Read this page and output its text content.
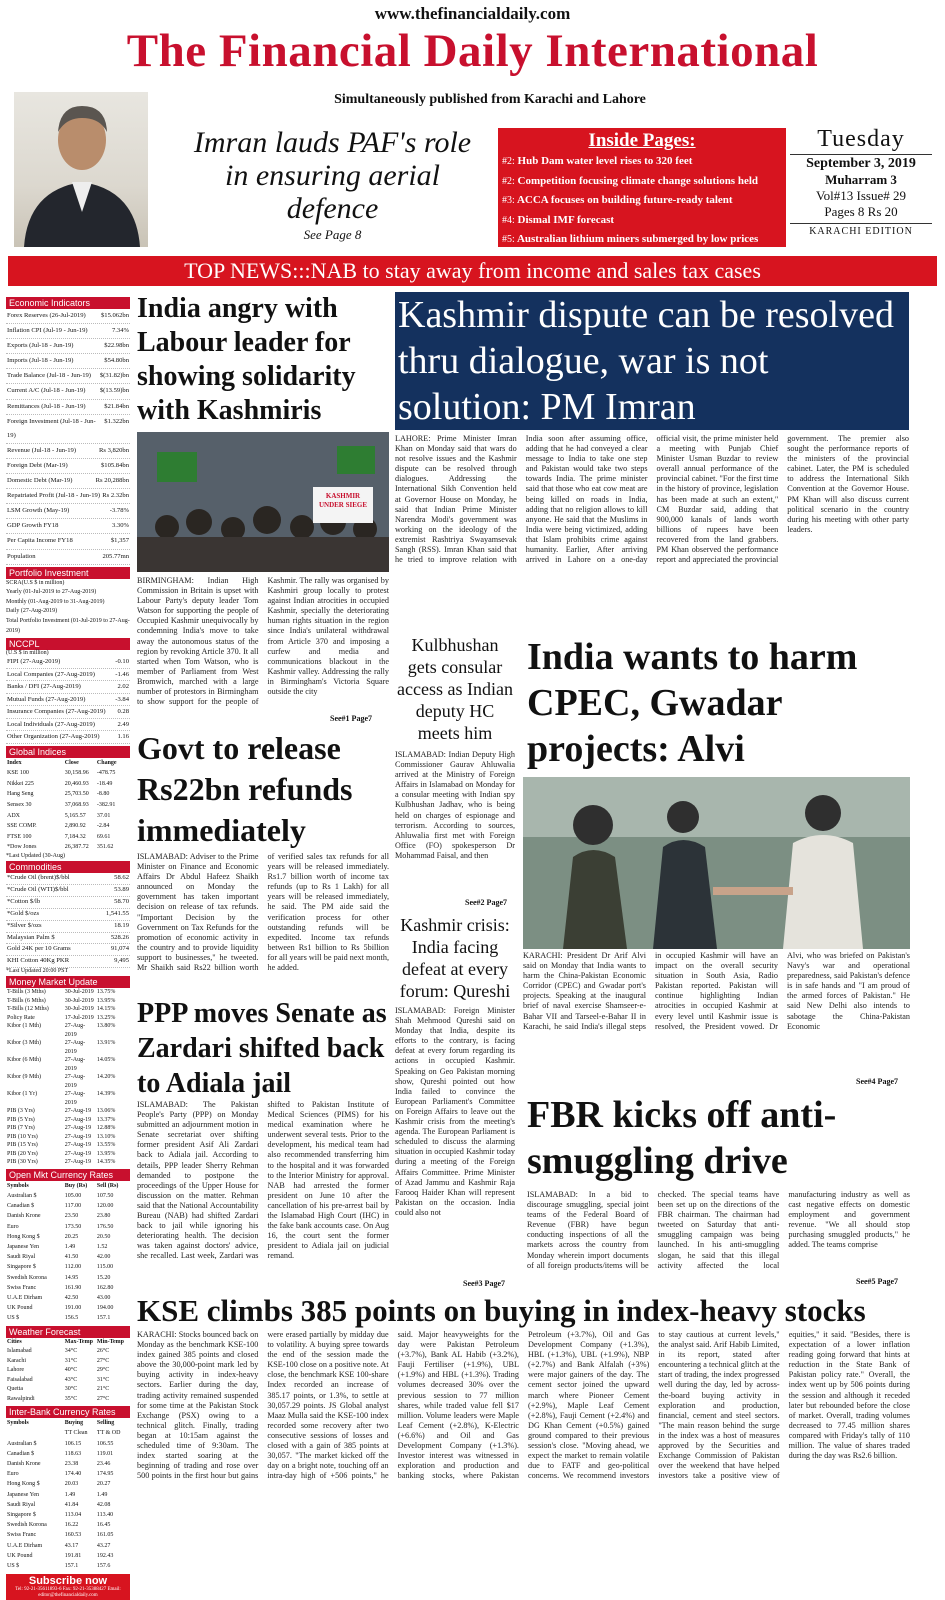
www.thefinancialdaily.com
The Financial Daily International
Simultaneously published from Karachi and Lahore
Imran lauds PAF's role in ensuring aerial defence
See Page 8
Inside Pages:
#2: Hub Dam water level rises to 320 feet
#2: Competition focusing climate change solutions held
#3: ACCA focuses on building future-ready talent
#4: Dismal IMF forecast
#5: Australian lithium miners submerged by low prices
Tuesday
September 3, 2019
Muharram 3
Vol#13 Issue# 29
Pages 8 Rs 20
KARACHI EDITION
TOP NEWS:::NAB to stay away from income and sales tax cases
Economic Indicators
Forex Reserves (26-Jul-2019) $15.062bn
Inflation CPI (Jul-19 - Jun-19)	7.34%
Exports (Jul-18 - Jun-19)	$22.98bn
Imports (Jul-18 - Jun-19)	$54.80bn
Trade Balance (Jul-18 - Jun-19) $(31.82)bn
Current A/C (Jul-18 - Jun-19) $(13.59)bn
Remittances (Jul-18 - Jun-19)	$21.84bn
Foreign Investment (Jul-18 - Jun-19)
$1.322bn
Revenue (Jul-18 - Jun-19)	Rs 3,820bn
Foreign Debt (Mar-19)	$105.84bn
Domestic Debt (Mar-19)	Rs 20,288bn
Repatriated Profit (Jul-18 - Jun-19) Rs 2.32bn
LSM Growth (May-19)	-3.78%
GDP Growth FY18	3.30%
Per Capita Income FY18	$1,357
Population	205.77mn
Portfolio Investment
SCRA(U.S $ in million)
Yearly (01-Jul-2019 to 27-Aug-2019)
Monthly (01-Aug-2019 to 31-Aug-2019)
Daily (27-Aug-2019)
Total Portfolio Investment (01-Jul-2019 to 27-Aug-2019)
NCCPL
(U.S $ in million)
FIPI (27-Aug-2019)	-0.10
Local Companies (27-Aug-2019)	-1.46
Banks / DFI (27-Aug-2019)	2.02
Mutual Funds (27-Aug-2019)	-3.84
Insurance Companies (27-Aug-2019) 0.28
Local Individuals (27-Aug-2019)	2.49
Other Organization (27-Aug-2019)	1.16
Global Indices
Index	Close	Change
KSE 100	30,158.96	-478.75
Nikkei 225	20,460.93	-18.49
Hang Seng	25,703.50	-8.80
Sensex 30	37,068.93	-382.91
ADX	5,165.57	37.01
SSE COMP.	2,890.92	-2.84
FTSE 100	7,184.32	69.61
*Dow Jones	26,387.72	351.62
*Last Updated (30-Aug)
Commodities
*Crude Oil (brent)$/bbl	58.62
*Crude Oil (WTI)$/bbl	53.89
*Cotton $/lb	58.70
*Gold $/ozs	1,541.55
*Silver $/ozs	18.19
Malaysian Palm $	528.26
Gold 24K per 10 Grams	91,074
KHI Cotton 40Kg PKR	9,495
*Last Updated 20:00 PST
Money Market Update
T-Bills (3 Mths)	30-Jul-2019 13.75%
T-Bills (6 Mths)	30-Jul-2019 13.95%
T-Bills (12 Mths)	30-Jul-2019 14.15%
Policy Rate	17-Jul-2019 13.25%
Kibor (1 Mth)	27-Aug-2019
13.80%
Kibor (3 Mth)	27-Aug-2019
13.91%
Kibor (6 Mth)	27-Aug-2019
14.05%
Kibor (9 Mth)	27-Aug-2019
14.20%
Kibor (1 Yr)	27-Aug-2019
14.39%
PIB (3 Yrs)	27-Aug-19 13.06%
PIB (5 Yrs)	27-Aug-19 13.37%
PIB (7 Yrs)	27-Aug-19 12.88%
PIB (10 Yrs)	27-Aug-19 13.10%
PIB (15 Yrs)	27-Aug-19 13.55%
PIB (20 Yrs)	27-Aug-19 13.95%
PIB (30 Yrs)	27-Aug-19 14.35%
Open Mkt Currency Rates
Symbols	Buy (Rs)	Sell (Rs)
Australian $	105.00	107.50
Canadian $	117.00	120.00
Danish Krone	23.50	23.80
Euro	173.50	176.50
Hong Kong $	20.25	20.50
Japanese Yen	1.49	1.52
Saudi Riyal	41.50	42.00
Singapore $	112.00	115.00
Swedish Korona	14.95	15.20
Swiss Franc	161.90	162.80
U.A.E Dirham	42.50	43.00
UK Pound	191.00	194.00
US $	156.5	157.1
Weather Forecast
Cities	Max-Temp Min-Temp
Islamabad	34°C	26°C
Karachi	31°C	27°C
Lahore	40°C	29°C
Faisalabad	43°C	31°C
Quetta	30°C	21°C
Rawalpindi	35°C	27°C
Inter-Bank Currency Rates
Symbols	Buying	Selling
TT Clean	TT & OD
Australian $	106.15	106.55
Canadian $	118.63	119.01
Danish Krone	23.38	23.46
Euro	174.40	174.95
Hong Kong $	20.03	20.27
Japanese Yen	1.49	1.49
Saudi Riyal	41.84	42.08
Singapore $	113.04	113.40
Swedish Korona	16.22	16.45
Swiss Franc	160.53	161.05
U.A.E Dirham	43.17	43.27
UK Pound	191.81	192.43
US $	157.1	157.6
Subscribe now
Tel: 92-21-35611893-6 Fax: 92-21-35388427 Email: editor@thefinancialdaily.com
India angry with Labour leader for showing solidarity with Kashmiris
KASHMIR UNDER SIEGE
BIRMINGHAM: Indian High Commission in Britain is upset with Labour Party's deputy leader Tom Watson for supporting the people of Occupied Kashmir unequivocally by condemning India's move to take away the autonomous status of the region by revoking Article 370. It all started when Tom Watson, who is member of Parliament from West Bromwich, marched with a large number of protestors in Birmingham to show support for the people of Kashmir. The rally was organised by Kashmiri group locally to protest against Indian atrocities in occupied Kashmir, specially the deteriorating human rights situation in the region since India's unilateral withdrawal from Article 370 and imposing a curfew and media and communications blackout in the Kashmir valley. Addressing the rally in Birmingham's Victoria Square outside the city
See#1 Page7
Govt to release Rs22bn refunds immediately
ISLAMABAD: Adviser to the Prime Minister on Finance and Economic Affairs Dr Abdul Hafeez Shaikh announced on Monday the government has taken important decision on release of tax refunds. "Important Decision by the Government on Tax Refunds for the promotion of economic activity in the country and to provide liquidity support to businesses," he tweeted. Mr Shaikh said Rs22 billion worth of verified sales tax refunds for all years will be released immediately. Rs1.7 billion worth of income tax refunds (up to Rs 1 Lakh) for all years will be released immediately, he said. The PM aide said the verification process for other outstanding refunds will be expedited. Income tax refunds between Rs1 billion to Rs 5billion for all years will be paid next month, he added.
PPP moves Senate as Zardari shifted back to Adiala jail
ISLAMABAD: The Pakistan People's Party (PPP) on Monday submitted an adjournment motion in Senate secretariat over shifting former president Asif Ali Zardari back to Adiala jail. According to details, PPP leader Sherry Rehman demanded to postpone the proceedings of the Upper House for discussion on the matter. Rehman said that the National Accountability Bureau (NAB) had shifted Zardari back to jail while ignoring his deteriorating health. The decision was taken against doctors' advice, she recalled. Last week, Zardari was shifted to Pakistan Institute of Medical Sciences (PIMS) for his medical examination where he underwent several tests. Prior to the development, his medical team had also recommended transferring him to the hospital and it was forwarded to the Interior Ministry for approval. NAB had arrested the former president on June 10 after the cancellation of his pre-arrest bail by the Islamabad High Court (IHC) in the fake bank accounts case. On Aug 16, the court sent the former president to Adiala jail on judicial remand.
Kashmir dispute can be resolved thru dialogue, war is not solution: PM Imran
LAHORE: Prime Minister Imran Khan on Monday said that wars do not resolve issues and the Kashmir dispute can be resolved through dialogues. Addressing the International Sikh Convention held at Governor House on Monday, he said that Indian Prime Minister Narendra Modi's government was working on the ideology of the extremist Rashtriya Swayamsevak Sangh (RSS). Imran Khan said that he tried to improve relation with India soon after assuming office, adding that he had conveyed a clear message to India to take one step and Pakistan would take two steps towards India. The prime minister said that those who eat cow meat are being killed on roads in India, adding that no religion allows to kill anyone. He said that the Muslims in India were being victimized, adding that Islam prohibits crime against humanity. Earlier, After arriving arrived in Lahore on a one-day official visit, the prime minister held a meeting with Punjab Chief Minister Usman Buzdar to review overall annual performance of the provincial cabinet. "For the first time in the history of province, legislation has been made at such an extent," CM Buzdar said, adding that 900,000 kanals of lands worth billions of rupees have been recovered from the land grabbers. PM Khan observed the performance report and appreciated the provincial government. The premier also sought the performance reports of the ministers of the provincial cabinet. Later, the PM is scheduled to address the International Sikh Convention at the Governor House. PM Khan will also discuss current political scenario in the country during his meeting with other party leaders.
Kulbhushan gets consular access as Indian deputy HC meets him
ISLAMABAD: Indian Deputy High Commissioner Gaurav Ahluwalia arrived at the Ministry of Foreign Affairs in Islamabad on Monday for a consular meeting with Indian spy Kulbhushan Jadhav, who is being held on charges of espionage and terrorism. According to sources, Ahluwalia first met with Foreign Office (FO) spokesperson Dr Mohammad Faisal, and then
See#2 Page7
Kashmir crisis: India facing defeat at every forum: Qureshi
ISLAMABAD: Foreign Minister Shah Mehmood Qureshi said on Monday that India, despite its efforts to the contrary, is facing defeat at every forum regarding its actions in occupied Kashmir. Speaking on Geo Pakistan morning show, Qureshi pointed out how India failed to convince the European Parliament's Committee on Foreign Affairs to leave out the Kashmir crisis from the meeting's agenda. The European Parliament is scheduled to discuss the alarming situation in occupied Kashmir today during a meeting of the Foreign Affairs Committee. Prime Minister of Azad Jammu and Kashmir Raja Farooq Haider Khan will represent Pakistan on the occasion. India could also not
See#3 Page7
India wants to harm CPEC, Gwadar projects: Alvi
KARACHI: President Dr Arif Alvi said on Monday that India wants to harm the China-Pakistan Economic Corridor (CPEC) and Gwadar port's projects. Speaking at the inaugural brief of naval exercise Shamseer-e-Bahar VII and Tarseel-e-Bahar II in Karachi, he said India's illegal steps in occupied Kashmir will have an impact on the overall security situation in South Asia, Radio Pakistan reported. Pakistan will continue highlighting Indian atrocities in occupied Kashmir at every level until Kashmir issue is resolved, the President vowed. Dr Alvi, who was briefed on Pakistan's Navy's war and operational preparedness, said Pakistan's defence is in safe hands and "I am proud of the armed forces of Pakistan." He said New Delhi also intends to sabotage the China-Pakistan Economic
See#4 Page7
FBR kicks off anti-smuggling drive
ISLAMABAD: In a bid to discourage smuggling, special joint teams of the Federal Board of Revenue (FBR) have begun conducting inspections of all the markets across the country from Monday wherein import documents of all foreign products/items will be checked. The special teams have been set up on the directions of the FBR chairman. The chairman had tweeted on Saturday that anti-smuggling campaign was being launched. In his anti-smuggling slogan, he said that this illegal activity affected the local manufacturing industry as well as cast negative effects on domestic employment and government revenue. "We all should stop purchasing smuggled products," he added. The teams comprise
See#5 Page7
KSE climbs 385 points on buying in index-heavy stocks
KARACHI: Stocks bounced back on Monday as the benchmark KSE-100 index gained 385 points and closed above the 30,000-point mark led by buying activity in index-heavy sectors. Earlier during the day, trading activity remained suspended for some time at the Pakistan Stock Exchange (PSX) owing to a technical glitch. Finally, trading began at 10:15am against the scheduled time of 9:30am. The index started soaring at the beginning of trading and rose over 500 points in the first hour but gains were erased partially by midday due to volatility. A buying spree towards the end of the session made the KSE-100 close on a positive note. At close, the benchmark KSE 100-share Index recorded an increase of 385.17 points, or 1.3%, to settle at 30,057.29 points. JS Global analyst Maaz Mulla said the KSE-100 index recorded some recovery after two consecutive sessions of losses and closed with a gain of 385 points at 30,057. "The market kicked off the day on a bright note, touching off an intra-day high of +506 points," he said. Major heavyweights for the day were Pakistan Petroleum (+3.7%), Bank AL Habib (+3.2%), Fauji Fertiliser (+1.9%), UBL (+1.9%) and HBL (+1.3%). Trading volumes decreased 30% over the previous session to 77 million shares, while traded value fell $17 million. Volume leaders were Maple Leaf Cement (+2.8%), K-Electric (+6.6%) and Oil and Gas Development Company (+1.3%). Investor interest was witnessed in exploration and production and banking stocks, where Pakistan Petroleum (+3.7%), Oil and Gas Development Company (+1.3%), HBL (+1.3%), UBL (+1.9%), NBP (+2.7%) and Bank Alfalah (+3%) were major gainers of the day. The cement sector joined the upward march where Pioneer Cement (+2.9%), Maple Leaf Cement (+2.8%), Fauji Cement (+2.4%) and DG Khan Cement (+0.5%) gained ground compared to their previous session's close. "Moving ahead, we expect the market to remain volatile due to FATF and geo-political concerns. We recommend investors to stay cautious at current levels," the analyst said. Arif Habib Limited, in its report, stated after encountering a technical glitch at the start of trading, the index progressed well during the day, led by across-the-board buying activity in exploration and production, financial, cement and steel sectors. "The main reason behind the surge in the index was a host of measures approved by the Securities and Exchange Commission of Pakistan over the weekend that have helped investors take a positive view of equities," it said. "Besides, there is expectation of a lower inflation reading going forward that hints at reduction in the State Bank of Pakistan policy rate." Overall, the index went up by 506 points during the session and although it receded later but rebounded before the close of market. Overall, trading volumes decreased to 77.45 million shares compared with Friday's tally of 110 million. The value of shares traded during the day was Rs2.6 billion.
